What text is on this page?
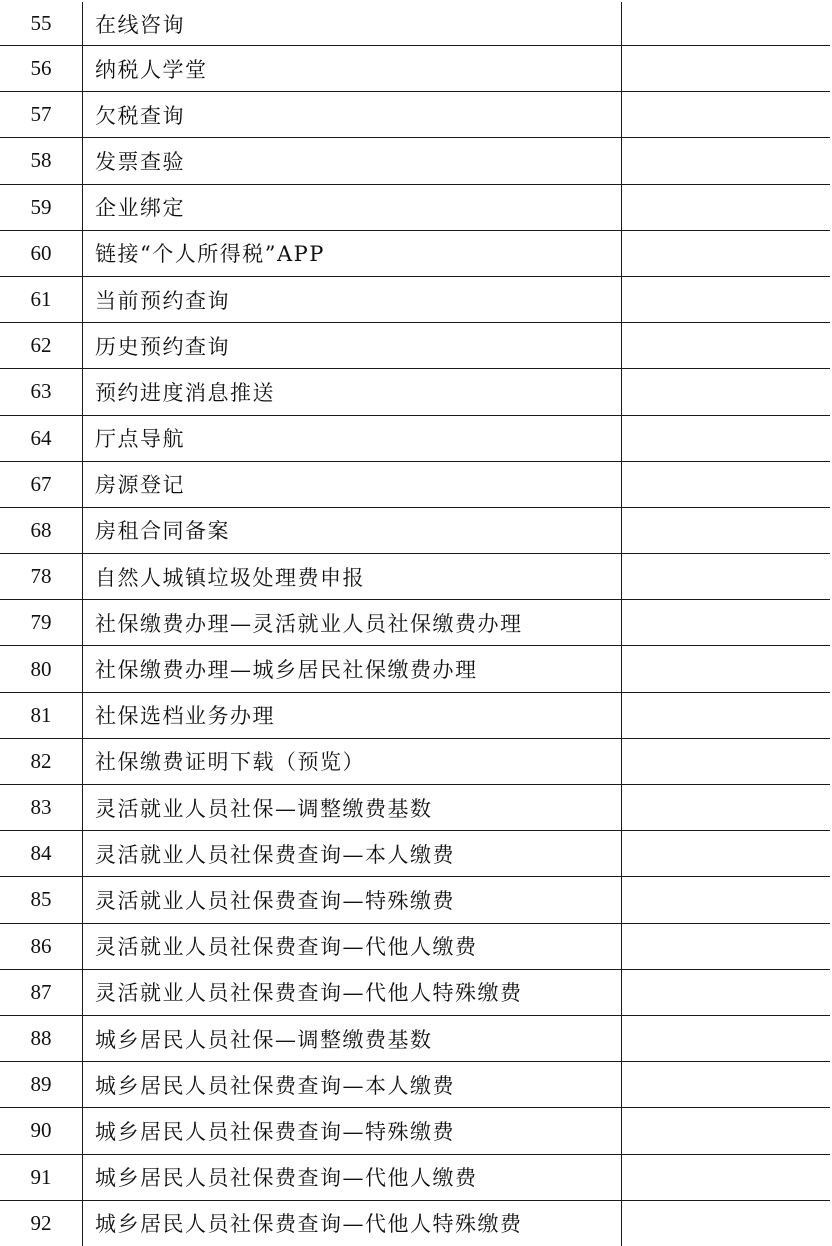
55	在线咨询	
56	纳税人学堂	
57	欠税查询	
58	发票查验	
59	企业绑定	
60	链接“个人所得税”APP	
61	当前预约查询	
62	历史预约查询	
63	预约进度消息推送	
64	厅点导航	
67	房源登记	
68	房租合同备案	
78	自然人城镇垃圾处理费申报	
79	社保缴费办理—灵活就业人员社保缴费办理	
80	社保缴费办理—城乡居民社保缴费办理	
81	社保选档业务办理	
82	社保缴费证明下载（预览）	
83	灵活就业人员社保—调整缴费基数	
84	灵活就业人员社保费查询—本人缴费	
85	灵活就业人员社保费查询—特殊缴费	
86	灵活就业人员社保费查询—代他人缴费	
87	灵活就业人员社保费查询—代他人特殊缴费	
88	城乡居民人员社保—调整缴费基数	
89	城乡居民人员社保费查询—本人缴费	
90	城乡居民人员社保费查询—特殊缴费	
91	城乡居民人员社保费查询—代他人缴费	
92	城乡居民人员社保费查询—代他人特殊缴费	
